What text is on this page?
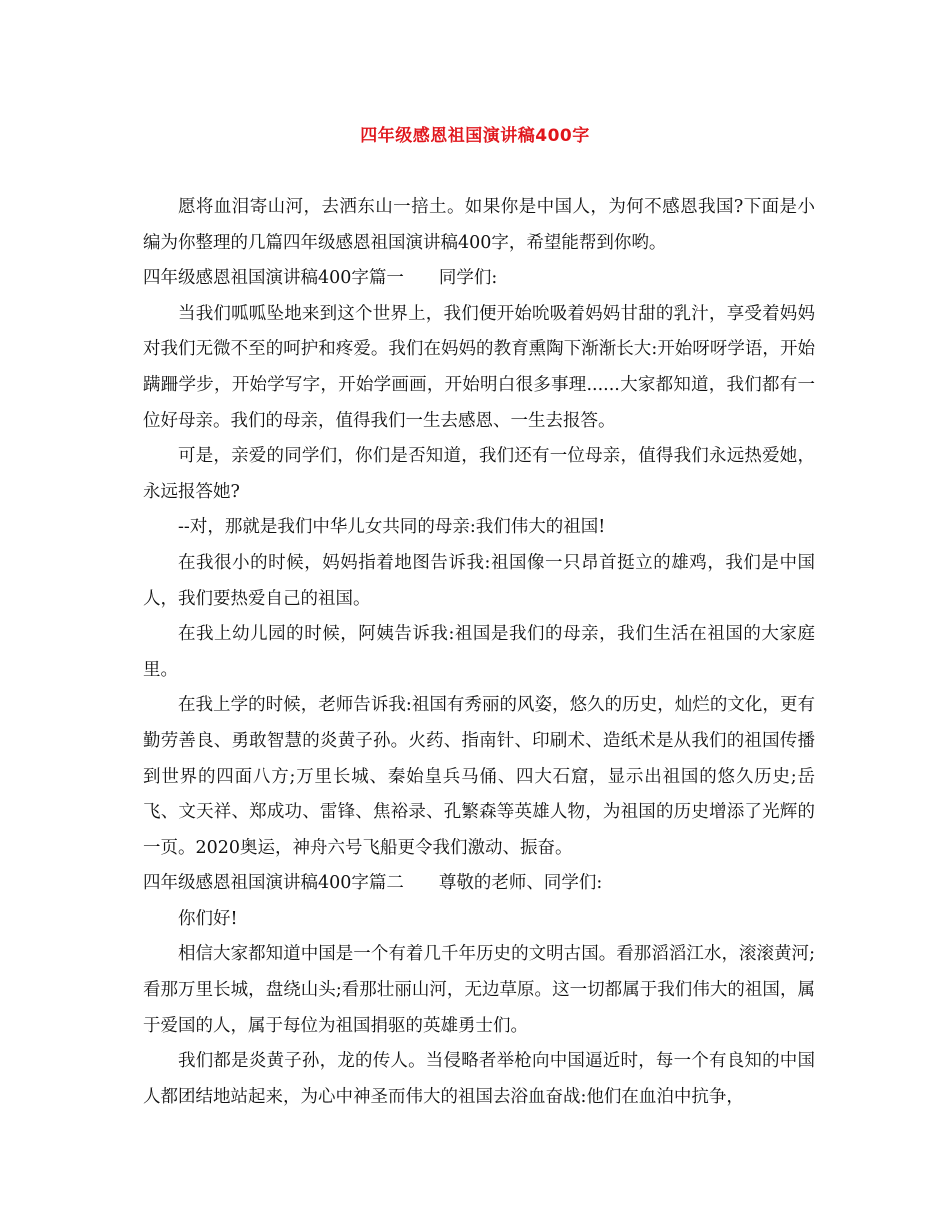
四年级感恩祖国演讲稿400字

愿将血泪寄山河，去洒东山一掊土。如果你是中国人，为何不感恩我国?下面是小编为你整理的几篇四年级感恩祖国演讲稿400字，希望能帮到你哟。

四年级感恩祖国演讲稿400字篇一　　同学们:

当我们呱呱坠地来到这个世界上，我们便开始吮吸着妈妈甘甜的乳汁，享受着妈妈对我们无微不至的呵护和疼爱。我们在妈妈的教育熏陶下渐渐长大:开始呀呀学语，开始蹒跚学步，开始学写字，开始学画画，开始明白很多事理......大家都知道，我们都有一位好母亲。我们的母亲，值得我们一生去感恩、一生去报答。

可是，亲爱的同学们，你们是否知道，我们还有一位母亲，值得我们永远热爱她，永远报答她?

--对，那就是我们中华儿女共同的母亲:我们伟大的祖国!

在我很小的时候，妈妈指着地图告诉我:祖国像一只昂首挺立的雄鸡，我们是中国人，我们要热爱自己的祖国。

在我上幼儿园的时候，阿姨告诉我:祖国是我们的母亲，我们生活在祖国的大家庭里。

在我上学的时候，老师告诉我:祖国有秀丽的风姿，悠久的历史，灿烂的文化，更有勤劳善良、勇敢智慧的炎黄子孙。火药、指南针、印刷术、造纸术是从我们的祖国传播到世界的四面八方;万里长城、秦始皇兵马俑、四大石窟，显示出祖国的悠久历史;岳飞、文天祥、郑成功、雷锋、焦裕录、孔繁森等英雄人物，为祖国的历史增添了光辉的一页。2020奥运，神舟六号飞船更令我们激动、振奋。

四年级感恩祖国演讲稿400字篇二　　尊敬的老师、同学们:

你们好!

相信大家都知道中国是一个有着几千年历史的文明古国。看那滔滔江水，滚滚黄河;看那万里长城，盘绕山头;看那壮丽山河，无边草原。这一切都属于我们伟大的祖国，属于爱国的人，属于每位为祖国捐驱的英雄勇士们。

我们都是炎黄子孙，龙的传人。当侵略者举枪向中国逼近时，每一个有良知的中国人都团结地站起来，为心中神圣而伟大的祖国去浴血奋战:他们在血泊中抗争，
